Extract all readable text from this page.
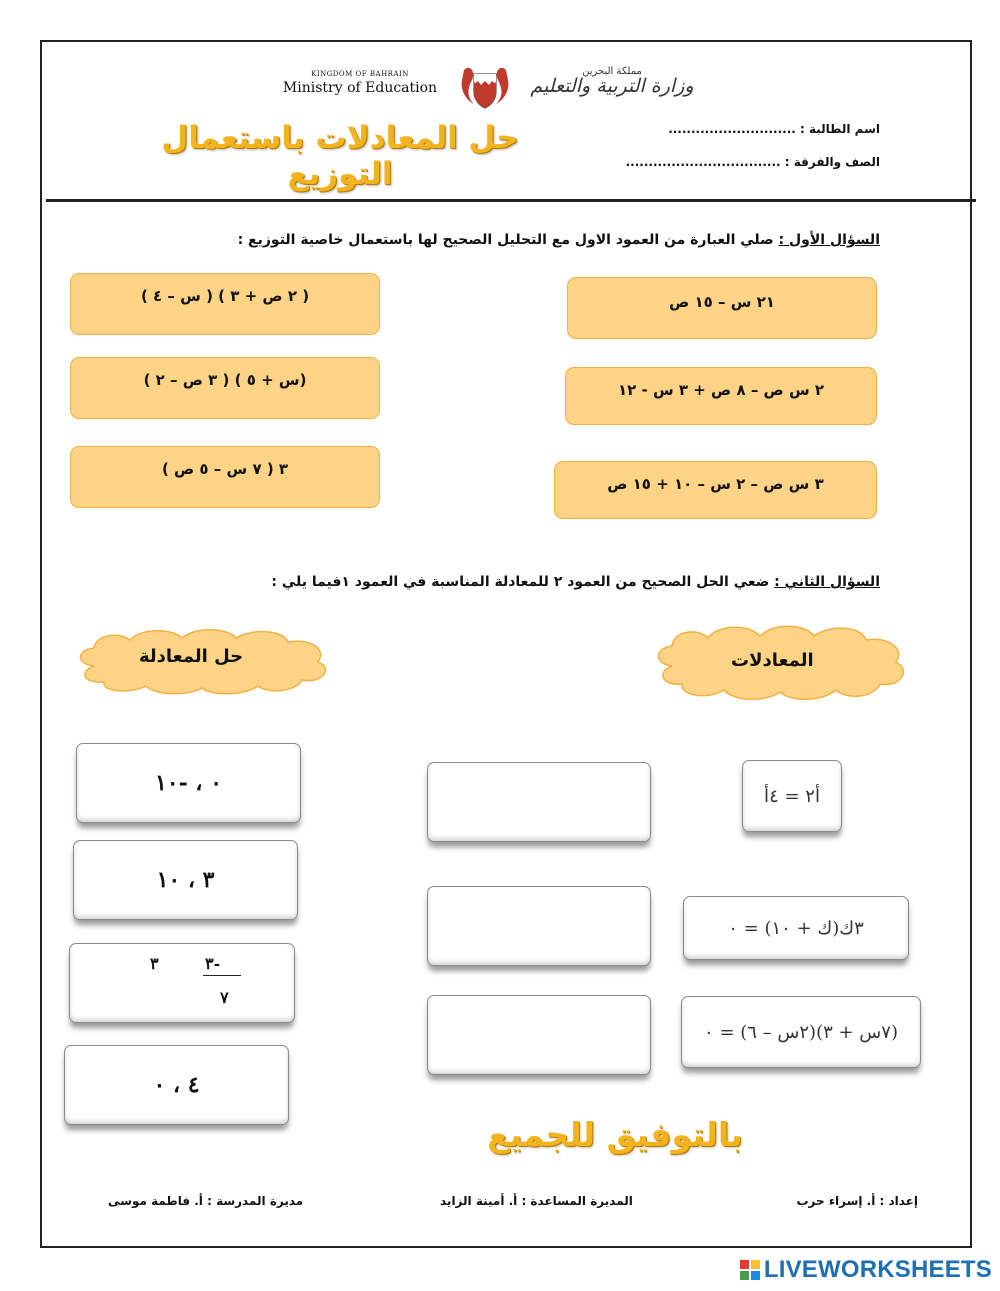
KINGDOM OF BAHRAIN
Ministry of Education
مملكة البحرين
وزارة التربية والتعليم
اسم الطالبة : ............................
الصف والفرقة : ..................................
حل المعادلات باستعمال التوزيع
السؤال الأول : صلي العبارة من العمود الاول مع التحليل الصحيح لها باستعمال خاصية التوزيع :
٢١ س – ١٥ ص
٢ س ص – ٨ ص + ٣ س - ١٢
٣ س ص – ٢ س – ١٠ + ١٥ ص
( ٢ ص + ٣ ) ( س – ٤ )
(س + ٥ ) ( ٣ ص – ٢ )
٣ ( ٧ س – ٥ ص )
السؤال الثاني : ضعي الحل الصحيح من العمود ٢ للمعادلة المناسبة في العمود ١فيما يلي :
المعادلات
حل المعادلة
أ٢ = ٤أ
٣ك(ك + ١٠) = ٠
(٧س + ٣)(٢س – ٦) = ٠
٠ ، -١٠
٣ ، ١٠
-٣
٧
٣
٤ ، ٠
بالتوفيق للجميع
إعداد : أ. إسراء حرب
المديرة المساعدة : أ. أمينة الزايد
مديرة المدرسة : أ. فاطمة موسى
LIVEWORKSHEETS
